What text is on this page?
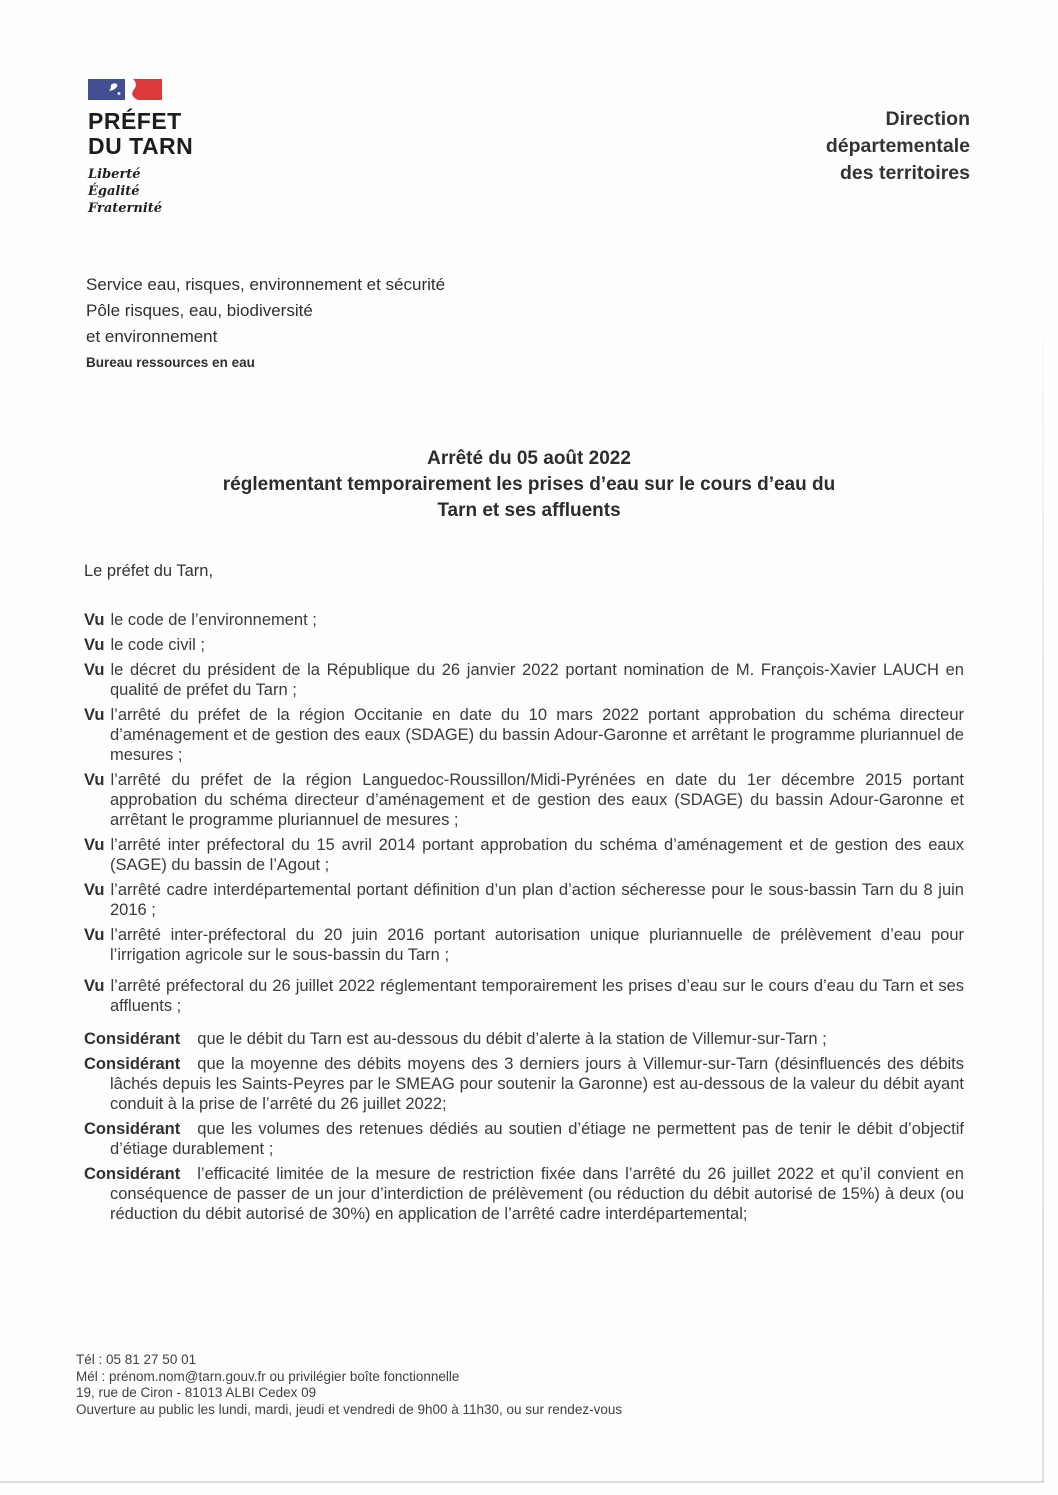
PRÉFET
DU TARN
Liberté
Égalité
Fraternité
Direction
départementale
des territoires
Service eau, risques, environnement et sécurité
Pôle risques, eau, biodiversité
et environnement
Bureau ressources en eau
Arrêté du 05 août 2022
réglementant temporairement les prises d’eau sur le cours d’eau du
Tarn et ses affluents
Le préfet du Tarn,

Vu le code de l’environnement ;

Vu le code civil ;

Vu le décret du président de la République du 26 janvier 2022 portant nomination de M. François-Xavier LAUCH en qualité de préfet du Tarn ;

Vu l’arrêté du préfet de la région Occitanie en date du 10 mars 2022 portant approbation du schéma directeur d’aménagement et de gestion des eaux (SDAGE) du bassin Adour-Garonne et arrêtant le programme pluriannuel de mesures ;

Vu l’arrêté du préfet de la région Languedoc-Roussillon/Midi-Pyrénées en date du 1er décembre 2015 portant approbation du schéma directeur d’aménagement et de gestion des eaux (SDAGE) du bassin Adour-Garonne et arrêtant le programme pluriannuel de mesures ;

Vu l’arrêté inter préfectoral du 15 avril 2014 portant approbation du schéma d’aménagement et de gestion des eaux (SAGE) du bassin de l’Agout ;

Vu l’arrêté cadre interdépartemental portant définition d’un plan d’action sécheresse pour le sous-bassin Tarn du 8 juin 2016 ;

Vu l’arrêté inter-préfectoral du 20 juin 2016 portant autorisation unique pluriannuelle de prélèvement d’eau pour l’irrigation agricole sur le sous-bassin du Tarn ;

Vu l’arrêté préfectoral du 26 juillet 2022 réglementant temporairement les prises d’eau sur le cours d’eau du Tarn et ses affluents ;

Considérant que le débit du Tarn est au-dessous du débit d’alerte à la station de Villemur-sur-Tarn ;

Considérant que la moyenne des débits moyens des 3 derniers jours à Villemur-sur-Tarn (désinfluencés des débits lâchés depuis les Saints-Peyres par le SMEAG pour soutenir la Garonne) est au-dessous de la valeur du débit ayant conduit à la prise de l’arrêté du 26 juillet 2022;

Considérant que les volumes des retenues dédiés au soutien d’étiage ne permettent pas de tenir le débit d’objectif d’étiage durablement ;

Considérant l’efficacité limitée de la mesure de restriction fixée dans l’arrêté du 26 juillet 2022 et qu’il convient en conséquence de passer de un jour d’interdiction de prélèvement (ou réduction du débit autorisé de 15%) à deux (ou réduction du débit autorisé de 30%) en application de l’arrêté cadre interdépartemental;

Tél : 05 81 27 50 01
Mél : prénom.nom@tarn.gouv.fr ou privilégier boîte fonctionnelle
19, rue de Ciron - 81013 ALBI Cedex 09
Ouverture au public les lundi, mardi, jeudi et vendredi de 9h00 à 11h30, ou sur rendez-vous
